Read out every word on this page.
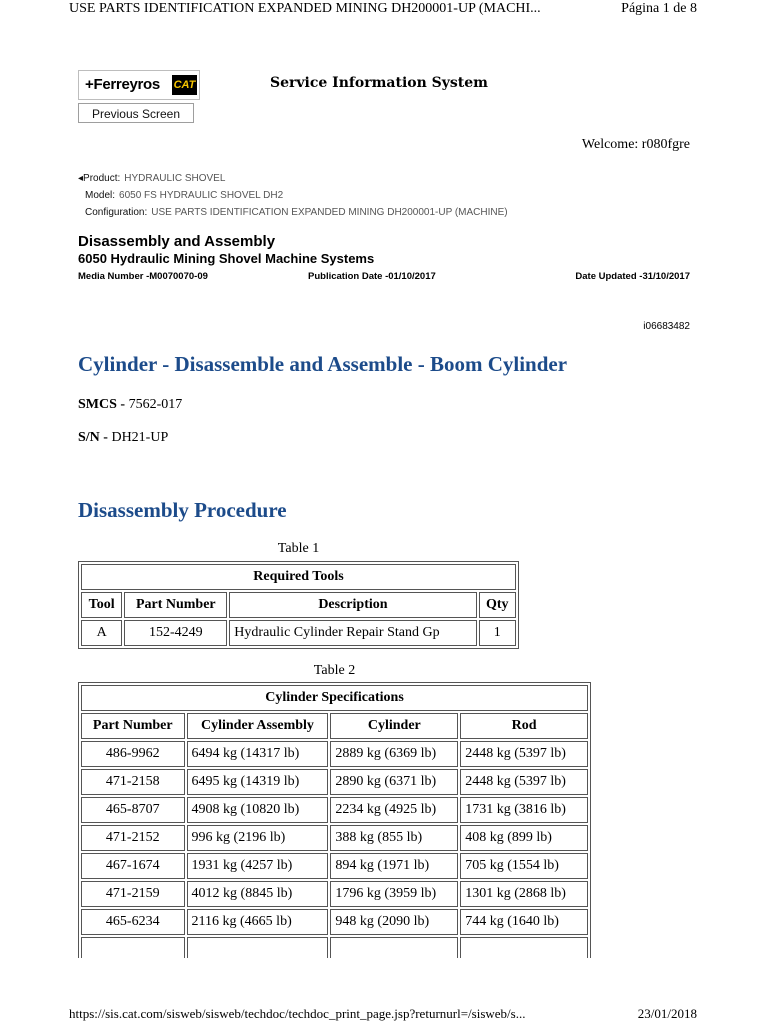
USE PARTS IDENTIFICATION EXPANDED MINING DH200001-UP (MACHI...	Página 1 de 8
+Ferreyros CAT	Service Information System
Previous Screen
Welcome: r080fgre
◂Product: HYDRAULIC SHOVEL
Model: 6050 FS HYDRAULIC SHOVEL DH2
Configuration: USE PARTS IDENTIFICATION EXPANDED MINING DH200001-UP (MACHINE)
Disassembly and Assembly
6050 Hydraulic Mining Shovel Machine Systems
Media Number -M0070070-09	Publication Date -01/10/2017	Date Updated -31/10/2017
i06683482
Cylinder - Disassemble and Assemble - Boom Cylinder
SMCS - 7562-017
S/N - DH21-UP
Disassembly Procedure
Table 1
Required Tools			
Tool	Part Number	Description	Qty
A	152-4249	Hydraulic Cylinder Repair Stand Gp	1
Table 2
Cylinder Specifications			
Part Number	Cylinder Assembly	Cylinder	Rod
486-9962	6494 kg (14317 lb)	2889 kg (6369 lb)	2448 kg (5397 lb)
471-2158	6495 kg (14319 lb)	2890 kg (6371 lb)	2448 kg (5397 lb)
465-8707	4908 kg (10820 lb)	2234 kg (4925 lb)	1731 kg (3816 lb)
471-2152	996 kg (2196 lb)	388 kg (855 lb)	408 kg (899 lb)
467-1674	1931 kg (4257 lb)	894 kg (1971 lb)	705 kg (1554 lb)
471-2159	4012 kg (8845 lb)	1796 kg (3959 lb)	1301 kg (2868 lb)
465-6234	2116 kg (4665 lb)	948 kg (2090 lb)	744 kg (1640 lb)

https://sis.cat.com/sisweb/sisweb/techdoc/techdoc_print_page.jsp?returnurl=/sisweb/s...	23/01/2018
